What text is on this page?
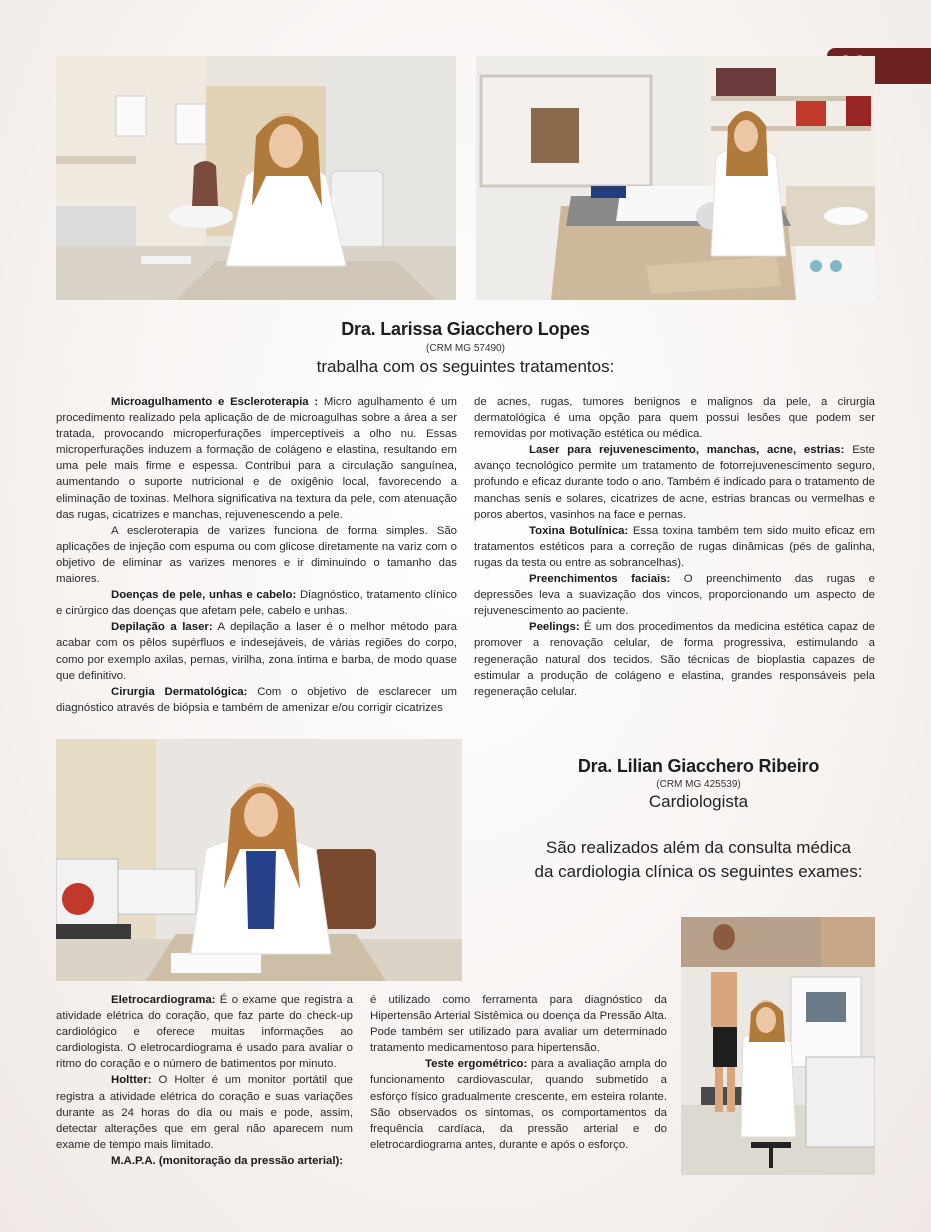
Dra. Larissa Giacchero Lopes
(CRM MG 57490)
trabalha com os seguintes tratamentos:

Microagulhamento e Escleroterapia : Micro agulhamento é um procedimento realizado pela aplicação de de microagulhas sobre a área a ser tratada, provocando microperfurações imperceptíveis a olho nu. Essas microperfurações induzem a formação de colágeno e elastina, resultando em uma pele mais firme e espessa. Contribui para a circulação sanguínea, aumentando o suporte nutricional e de oxigênio local, favorecendo a eliminação de toxinas. Melhora significativa na textura da pele, com atenuação das rugas, cicatrizes e manchas, rejuvenescendo a pele.

A escleroterapia de varizes funciona de forma simples. São aplicações de injeção com espuma ou com glicose diretamente na variz com o objetivo de eliminar as varizes menores e ir diminuindo o tamanho das maiores.

Doenças de pele, unhas e cabelo: Diagnóstico, tratamento clínico e cirúrgico das doenças que afetam pele, cabelo e unhas.

Depilação a laser: A depilação a laser é o melhor método para acabar com os pêlos supérfluos e indesejáveis, de várias regiões do corpo, como por exemplo axilas, pernas, virilha, zona íntima e barba, de modo quase que definitivo.

Cirurgia Dermatológica: Com o objetivo de esclarecer um diagnóstico através de biópsia e também de amenizar e/ou corrigir cicatrizes

de acnes, rugas, tumores benignos e malignos da pele, a cirurgia dermatológica é uma opção para quem possui lesões que podem ser removidas por motivação estética ou médica.

Laser para rejuvenescimento, manchas, acne, estrias: Este avanço tecnológico permite um tratamento de fotorrejuvenescimento seguro, profundo e eficaz durante todo o ano. Também é indicado para o tratamento de manchas senis e solares, cicatrizes de acne, estrias brancas ou vermelhas e poros abertos, vasinhos na face e pernas.

Toxina Botulínica: Essa toxina também tem sido muito eficaz em tratamentos estéticos para a correção de rugas dinâmicas (pés de galinha, rugas da testa ou entre as sobrancelhas).

Preenchimentos faciais: O preenchimento das rugas e depressões leva a suavização dos vincos, proporcionando um aspecto de rejuvenescimento ao paciente.

Peelings: É um dos procedimentos da medicina estética capaz de promover a renovação celular, de forma progressiva, estimulando a regeneração natural dos tecidos. São técnicas de bioplastia capazes de estimular a produção de colágeno e elastina, grandes responsáveis pela regeneração celular.

Dra. Lilian Giacchero Ribeiro
(CRM MG 425539)
Cardiologista
São realizados além da consulta médica
da cardiologia clínica os seguintes exames:

Eletrocardiograma: É o exame que registra a atividade elétrica do coração, que faz parte do check-up cardiológico e oferece muitas informações ao cardiologista. O eletrocardiograma é usado para avaliar o ritmo do coração e o número de batimentos por minuto.

Holtter: O Holter é um monitor portátil que registra a atividade elétrica do coração e suas variações durante as 24 horas do dia ou mais e pode, assim, detectar alterações que em geral não aparecem num exame de tempo mais limitado.

M.A.P.A. (monitoração da pressão arterial):

é utilizado como ferramenta para diagnóstico da Hipertensão Arterial Sistêmica ou doença da Pressão Alta. Pode também ser utilizado para avaliar um determinado tratamento medicamentoso para hipertensão.

Teste ergométrico: para a avaliação ampla do funcionamento cardiovascular, quando submetido a esforço físico gradualmente crescente, em esteira rolante. São observados os sintomas, os comportamentos da frequência cardíaca, da pressão arterial e do eletrocardiograma antes, durante e após o esforço.
